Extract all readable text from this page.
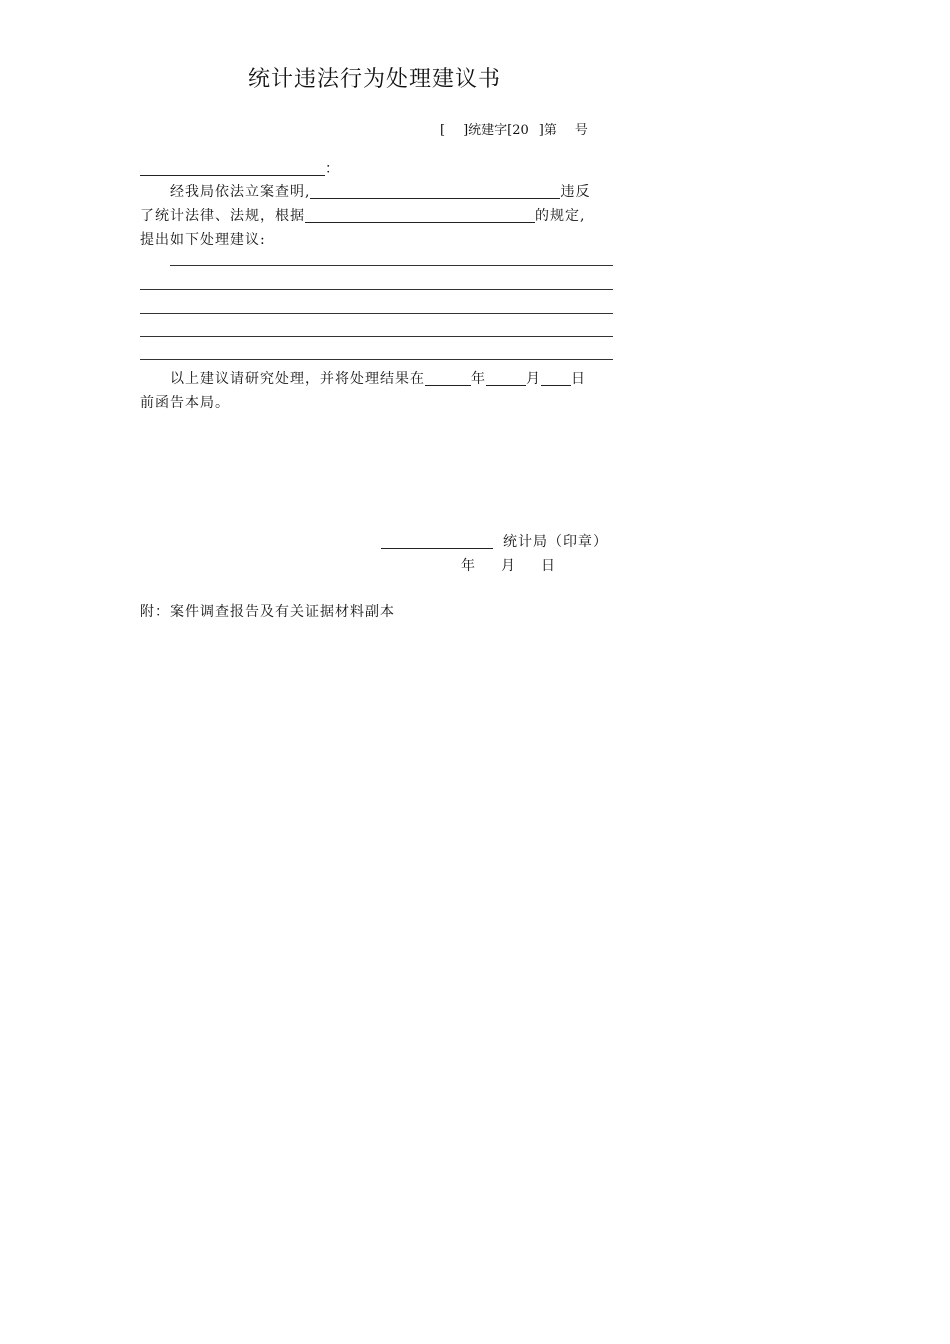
统计违法行为处理建议书
[ ]统建字[20 ]第 号
：
经我局依法立案查明,	违反
了统计法律、法规，根据	的规定,
提出如下处理建议:
以上建议请研究处理，并将处理结果在	年	月 日
前函告本局。
统计局（印章）
年 月 日
附：案件调查报告及有关证据材料副本
